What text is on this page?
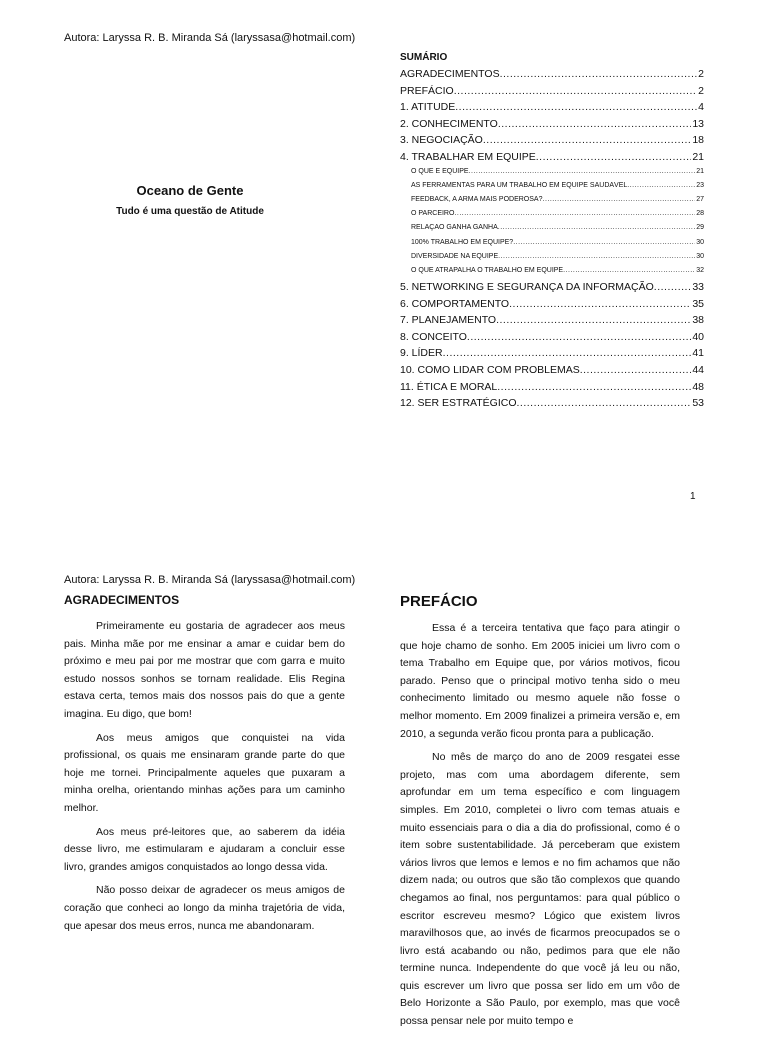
Autora: Laryssa R. B. Miranda Sá (laryssasa@hotmail.com)
Oceano de Gente
Tudo é uma questão de Atitude
SUMÁRIO
AGRADECIMENTOS .....	2
PREFÁCIO .....	2
1. ATITUDE .....	4
2. CONHECIMENTO .....	13
3. NEGOCIAÇÃO .....	18
4. TRABALHAR EM EQUIPE .....	21
O QUE É EQUIPE .....	21
AS FERRAMENTAS PARA UM TRABALHO EM EQUIPE SAUDÁVEL .....	23
FEEDBACK, A ARMA MAIS PODEROSA? .....	27
O PARCEIRO .....	28
RELAÇÃO GANHA GANHA .....	29
100% TRABALHO EM EQUIPE? .....	30
DIVERSIDADE NA EQUIPE .....	30
O QUE ATRAPALHA O TRABALHO EM EQUIPE .....	32
5. NETWORKING E SEGURANÇA DA INFORMAÇÃO .....	33
6. COMPORTAMENTO .....	35
7. PLANEJAMENTO .....	38
8. CONCEITO .....	40
9. LÍDER .....	41
10. COMO LIDAR COM PROBLEMAS .....	44
11. ÉTICA E MORAL .....	48
12. SER ESTRATÉGICO .....	53
1
Autora: Laryssa R. B. Miranda Sá (laryssasa@hotmail.com)
AGRADECIMENTOS

Primeiramente eu gostaria de agradecer aos meus pais. Minha mãe por me ensinar a amar e cuidar bem do próximo e meu pai por me mostrar que com garra e muito estudo nossos sonhos se tornam realidade. Elis Regina estava certa, temos mais dos nossos pais do que a gente imagina. Eu digo, que bom!

Aos meus amigos que conquistei na vida profissional, os quais me ensinaram grande parte do que hoje me tornei. Principalmente aqueles que puxaram a minha orelha, orientando minhas ações para um caminho melhor.

Aos meus pré-leitores que, ao saberem da idéia desse livro, me estimularam e ajudaram a concluir esse livro, grandes amigos conquistados ao longo dessa vida.

Não posso deixar de agradecer os meus amigos de coração que conheci ao longo da minha trajetória de vida, que apesar dos meus erros, nunca me abandonaram.

PREFÁCIO

Essa é a terceira tentativa que faço para atingir o que hoje chamo de sonho. Em 2005 iniciei um livro com o tema Trabalho em Equipe que, por vários motivos, ficou parado. Penso que o principal motivo tenha sido o meu conhecimento limitado ou mesmo aquele não fosse o melhor momento. Em 2009 finalizei a primeira versão e, em 2010, a segunda verão ficou pronta para a publicação.

No mês de março do ano de 2009 resgatei esse projeto, mas com uma abordagem diferente, sem aprofundar em um tema específico e com linguagem simples. Em 2010, completei o livro com temas atuais e muito essenciais para o dia a dia do profissional, como é o item sobre sustentabilidade. Já perceberam que existem vários livros que lemos e lemos e no fim achamos que não dizem nada; ou outros que são tão complexos que quando chegamos ao final, nos perguntamos: para qual público o escritor escreveu mesmo? Lógico que existem livros maravilhosos que, ao invés de ficarmos preocupados se o livro está acabando ou não, pedimos para que ele não termine nunca. Independente do que você já leu ou não, quis escrever um livro que possa ser lido em um vôo de Belo Horizonte a São Paulo, por exemplo, mas que você possa pensar nele por muito tempo e
